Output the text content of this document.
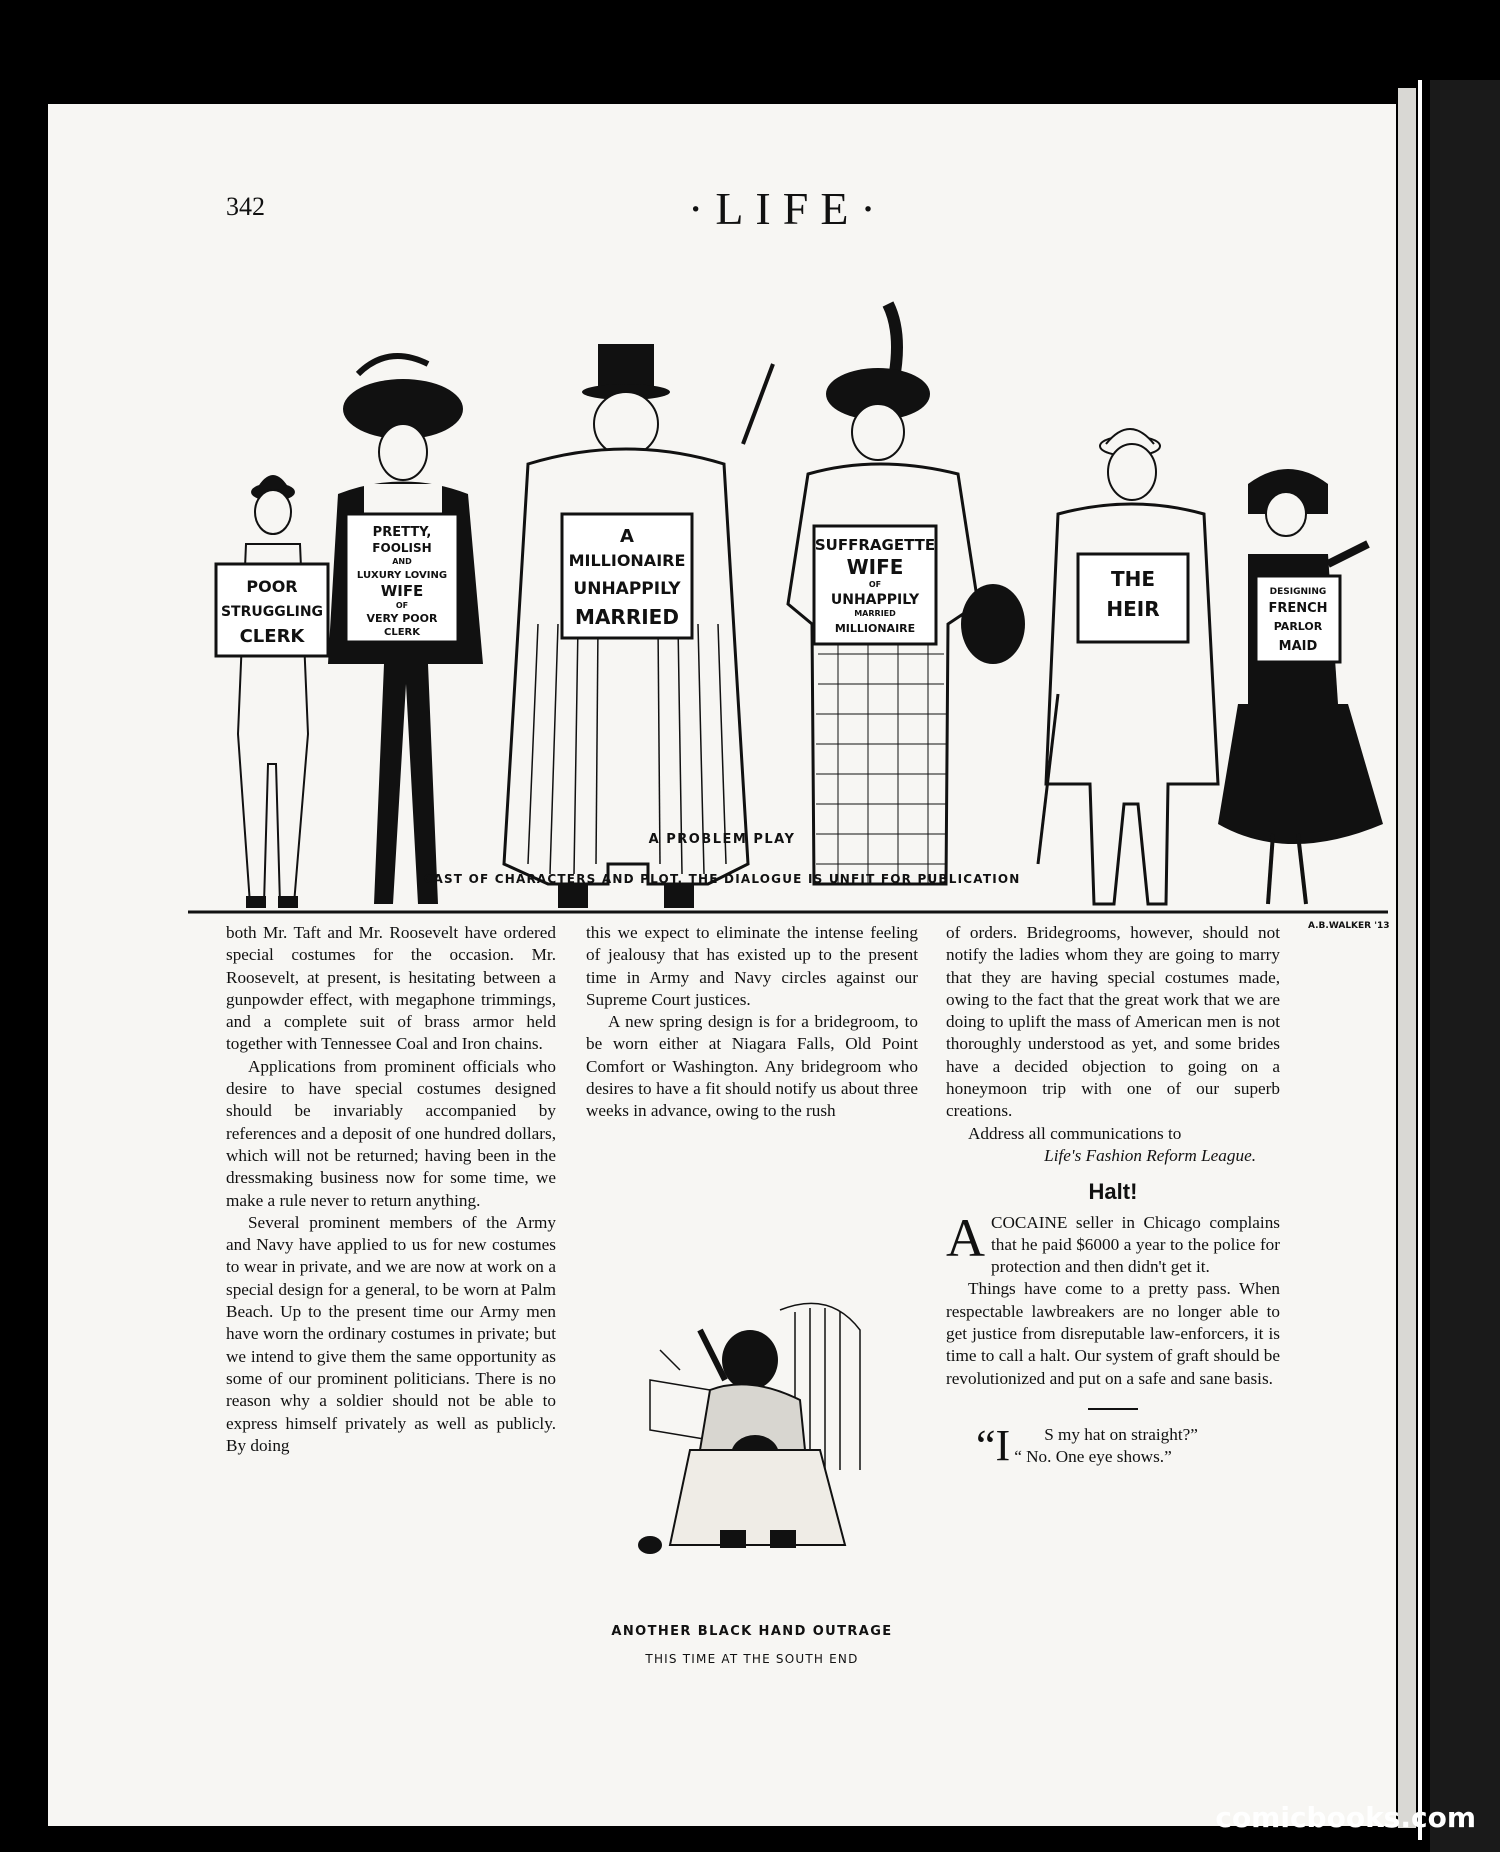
342	·LIFE·
POOR
STRUGGLING
CLERK
PRETTY,
FOOLISH
AND
LUXURY LOVING
WIFE
OF
VERY POOR
CLERK
A
MILLIONAIRE
UNHAPPILY
MARRIED
SUFFRAGETTE
WIFE
OF
UNHAPPILY
MARRIED
MILLIONAIRE
THE
HEIR
DESIGNING
FRENCH
PARLOR
MAID
A.B.WALKER '13
A PROBLEM PLAY
CAST OF CHARACTERS AND PLOT. THE DIALOGUE IS UNFIT FOR PUBLICATION

both Mr. Taft and Mr. Roosevelt have ordered special costumes for the occasion. Mr. Roosevelt, at present, is hesitating between a gunpowder effect, with megaphone trimmings, and a complete suit of brass armor held together with Tennessee Coal and Iron chains.

Applications from prominent officials who desire to have special costumes designed should be invariably accompanied by references and a deposit of one hundred dollars, which will not be returned; having been in the dressmaking business now for some time, we make a rule never to return anything.

Several prominent members of the Army and Navy have applied to us for new costumes to wear in private, and we are now at work on a special design for a general, to be worn at Palm Beach. Up to the present time our Army men have worn the ordinary costumes in private; but we intend to give them the same opportunity as some of our prominent politicians. There is no reason why a soldier should not be able to express himself privately as well as publicly. By doing

this we expect to eliminate the intense feeling of jealousy that has existed up to the present time in Army and Navy circles against our Supreme Court justices.

A new spring design is for a bridegroom, to be worn either at Niagara Falls, Old Point Comfort or Washington. Any bridegroom who desires to have a fit should notify us about three weeks in advance, owing to the rush

ANOTHER BLACK HAND OUTRAGE
THIS TIME AT THE SOUTH END

of orders. Bridegrooms, however, should not notify the ladies whom they are going to marry that they are having special costumes made, owing to the fact that the great work that we are doing to uplift the mass of American men is not thoroughly understood as yet, and some brides have a decided objection to going on a honeymoon trip with one of our superb creations.

Address all communications to

Life's Fashion Reform League.

Halt!

ACOCAINE seller in Chicago complains that he paid $6000 a year to the police for protection and then didn't get it.

Things have come to a pretty pass. When respectable lawbreakers are no longer able to get justice from disreputable law-enforcers, it is time to call a halt. Our system of graft should be revolutionized and put on a safe and sane basis.

“I S my hat on straight?”

“ No. One eye shows.”

comicbooks.com
